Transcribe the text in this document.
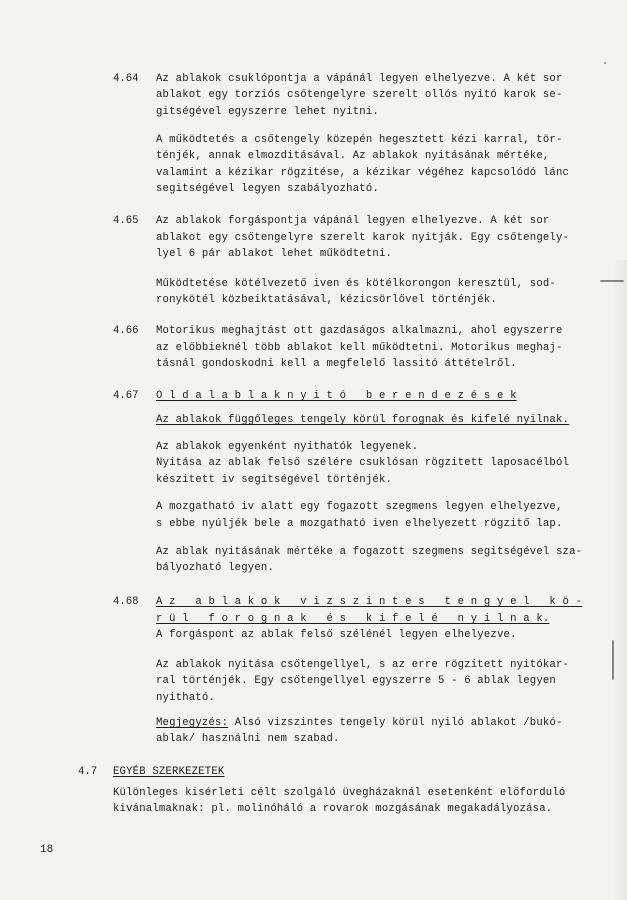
4.64 Az ablakok csuklópontja a vápánál legyen elhelyezve. A két sor
ablakot egy torziós csőtengelyre szerelt ollós nyitó karok se-
gitségével egyszerre lehet nyitni.
A működtetés a csőtengely közepén hegesztett kézi karral, tör-
ténjék, annak elmozditásával. Az ablakok nyitásának mértéke,
valamint a kézikar rögzitése, a kézikar végéhez kapcsolódó lánc
segitségével legyen szabályozható.
4.65 Az ablakok forgáspontja vápánál legyen elhelyezve. A két sor
ablakot egy csőtengelyre szerelt karok nyitják. Egy csőtengely-
lyel 6 pár ablakot lehet működtetni.
Működtetése kötélvezető iven és kötélkorongon keresztül, sod-
ronykötél közbeiktatásával, kézicsörlővel történjék.
4.66 Motorikus meghajtást ott gazdaságos alkalmazni, ahol egyszerre
az előbbieknél több ablakot kell működtetni. Motorikus meghaj-
tásnál gondoskodni kell a megfelelő lassitó áttételről.
4.67 O l d a l a b l a k n y i t ó   b e r e n d e z é s e k
Az ablakok függőleges tengely körül forognak és kifelé nyilnak.
Az ablakok egyenként nyithatók legyenek.
Nyitása az ablak felső szélére csuklósan rögzitett laposacélból
készitett iv segitségével történjék.
A mozgatható iv alatt egy fogazott szegmens legyen elhelyezve,
s ebbe nyúljék bele a mozgatható iven elhelyezett rögzitő lap.
Az ablak nyitásának mértéke a fogazott szegmens segitségével sza-
bályozható legyen.
4.68 A z   a b l a k o k   v i z s z i n t e s   t e n g y e l   k ö -
r ü l   f o r o g n a k   é s   k i f e l é   n y i l n a k.
A forgáspont az ablak felső szélénél legyen elhelyezve.
Az ablakok nyitása csőtengellyel, s az erre rögzitett nyitókar-
ral történjék. Egy csőtengellyel egyszerre 5 - 6 ablak legyen
nyitható.
Megjegyzés: Alsó vizszintes tengely körül nyiló ablakot /bukó-
ablak/ használni nem szabad.
4.7 EGYÉB SZERKEZETEK
Különleges kisérleti célt szolgáló üvegházaknál esetenként előforduló
kivánalmaknak: pl. molinóháló a rovarok mozgásának megakadályozása.
18
